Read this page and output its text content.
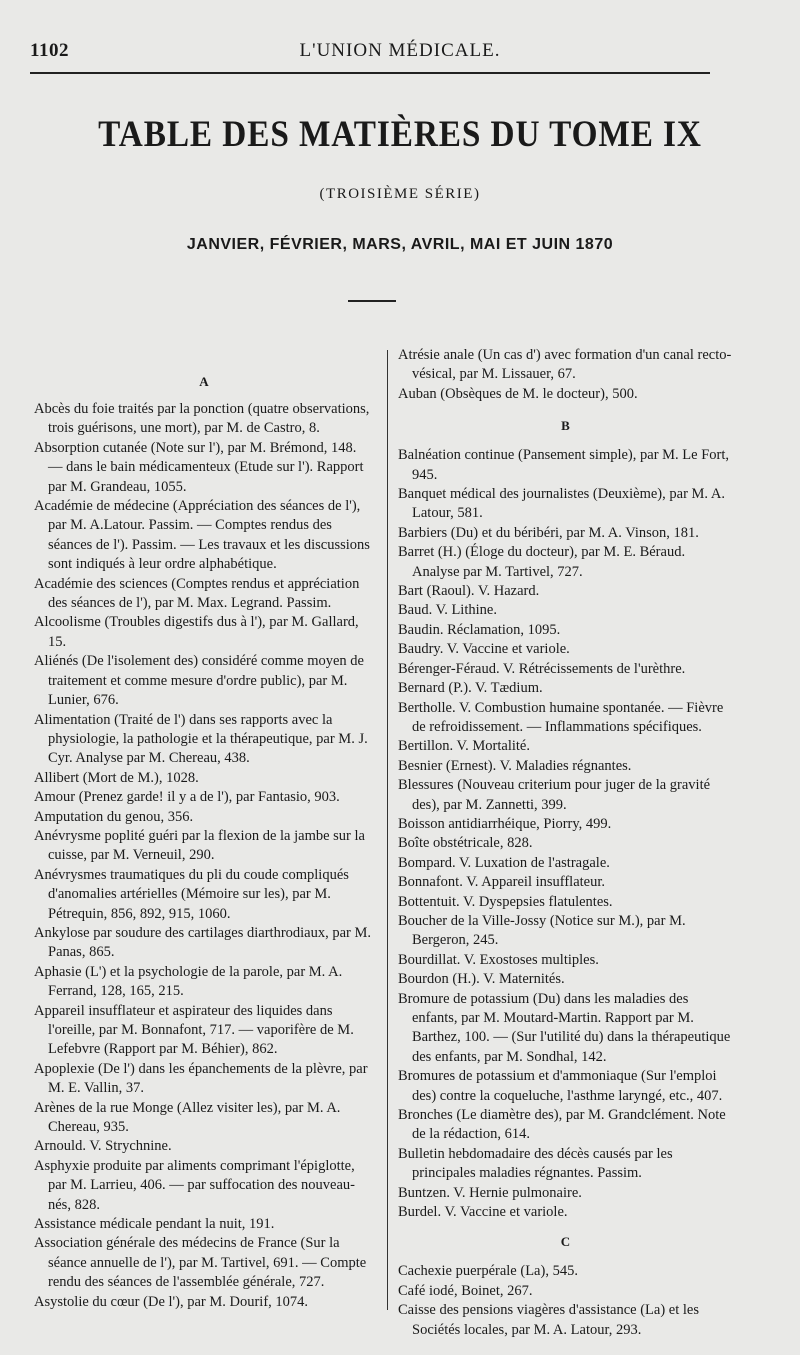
1102	L'UNION MÉDICALE.
TABLE DES MATIÈRES DU TOME IX
(TROISIÈME SÉRIE)
JANVIER, FÉVRIER, MARS, AVRIL, MAI ET JUIN 1870
A

Abcès du foie traités par la ponction (quatre observations, trois guérisons, une mort), par M. de Castro, 8.

Absorption cutanée (Note sur l'), par M. Brémond, 148. — dans le bain médicamenteux (Etude sur l'). Rapport par M. Grandeau, 1055.

Académie de médecine (Appréciation des séances de l'), par M. A.Latour. Passim. — Comptes rendus des séances de l'). Passim. — Les travaux et les discussions sont indiqués à leur ordre alphabétique.

Académie des sciences (Comptes rendus et appréciation des séances de l'), par M. Max. Legrand. Passim.

Alcoolisme (Troubles digestifs dus à l'), par M. Gallard, 15.

Aliénés (De l'isolement des) considéré comme moyen de traitement et comme mesure d'ordre public), par M. Lunier, 676.

Alimentation (Traité de l') dans ses rapports avec la physiologie, la pathologie et la thérapeutique, par M. J. Cyr. Analyse par M. Chereau, 438.

Allibert (Mort de M.), 1028.

Amour (Prenez garde! il y a de l'), par Fantasio, 903.

Amputation du genou, 356.

Anévrysme poplité guéri par la flexion de la jambe sur la cuisse, par M. Verneuil, 290.

Anévrysmes traumatiques du pli du coude compliqués d'anomalies artérielles (Mémoire sur les), par M. Pétrequin, 856, 892, 915, 1060.

Ankylose par soudure des cartilages diarthrodiaux, par M. Panas, 865.

Aphasie (L') et la psychologie de la parole, par M. A. Ferrand, 128, 165, 215.

Appareil insufflateur et aspirateur des liquides dans l'oreille, par M. Bonnafont, 717. — vaporifère de M. Lefebvre (Rapport par M. Béhier), 862.

Apoplexie (De l') dans les épanchements de la plèvre, par M. E. Vallin, 37.

Arènes de la rue Monge (Allez visiter les), par M. A. Chereau, 935.

Arnould. V. Strychnine.

Asphyxie produite par aliments comprimant l'épiglotte, par M. Larrieu, 406. — par suffocation des nouveau-nés, 828.

Assistance médicale pendant la nuit, 191.

Association générale des médecins de France (Sur la séance annuelle de l'), par M. Tartivel, 691. — Compte rendu des séances de l'assemblée générale, 727.

Asystolie du cœur (De l'), par M. Dourif, 1074.

Atrésie anale (Un cas d') avec formation d'un canal recto-vésical, par M. Lissauer, 67.

Auban (Obsèques de M. le docteur), 500.

B

Balnéation continue (Pansement simple), par M. Le Fort, 945.

Banquet médical des journalistes (Deuxième), par M. A. Latour, 581.

Barbiers (Du) et du béribéri, par M. A. Vinson, 181.

Barret (H.) (Éloge du docteur), par M. E. Béraud. Analyse par M. Tartivel, 727.

Bart (Raoul). V. Hazard.

Baud. V. Lithine.

Baudin. Réclamation, 1095.

Baudry. V. Vaccine et variole.

Bérenger-Féraud. V. Rétrécissements de l'urèthre.

Bernard (P.). V. Tædium.

Bertholle. V. Combustion humaine spontanée. — Fièvre de refroidissement. — Inflammations spécifiques.

Bertillon. V. Mortalité.

Besnier (Ernest). V. Maladies régnantes.

Blessures (Nouveau criterium pour juger de la gravité des), par M. Zannetti, 399.

Boisson antidiarrhéique, Piorry, 499.

Boîte obstétricale, 828.

Bompard. V. Luxation de l'astragale.

Bonnafont. V. Appareil insufflateur.

Bottentuit. V. Dyspepsies flatulentes.

Boucher de la Ville-Jossy (Notice sur M.), par M. Bergeron, 245.

Bourdillat. V. Exostoses multiples.

Bourdon (H.). V. Maternités.

Bromure de potassium (Du) dans les maladies des enfants, par M. Moutard-Martin. Rapport par M. Barthez, 100. — (Sur l'utilité du) dans la thérapeutique des enfants, par M. Sondhal, 142.

Bromures de potassium et d'ammoniaque (Sur l'emploi des) contre la coqueluche, l'asthme laryngé, etc., 407.

Bronches (Le diamètre des), par M. Grandclément. Note de la rédaction, 614.

Bulletin hebdomadaire des décès causés par les principales maladies régnantes. Passim.

Buntzen. V. Hernie pulmonaire.

Burdel. V. Vaccine et variole.

C

Cachexie puerpérale (La), 545.

Café iodé, Boinet, 267.

Caisse des pensions viagères d'assistance (La) et les Sociétés locales, par M. A. Latour, 293.
